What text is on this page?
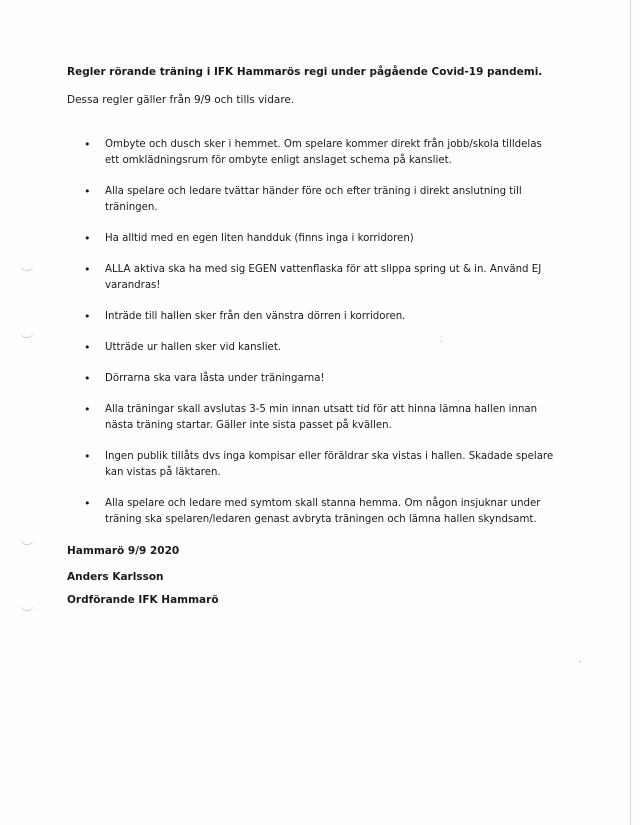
Regler rörande träning i IFK Hammarös regi under pågående Covid-19 pandemi.
Dessa regler gäller från 9/9 och tills vidare.
• Ombyte och dusch sker i hemmet. Om spelare kommer direkt från jobb/skola tilldelas ett omklädningsrum för ombyte enligt anslaget schema på kansliet.
• Alla spelare och ledare tvättar händer före och efter träning i direkt anslutning till träningen.
• Ha alltid med en egen liten handduk (finns inga i korridoren)
• ALLA aktiva ska ha med sig EGEN vattenflaska för att slippa spring ut & in. Använd EJ varandras!
• Inträde till hallen sker från den vänstra dörren i korridoren.
• Utträde ur hallen sker vid kansliet.
• Dörrarna ska vara låsta under träningarna!
• Alla träningar skall avslutas 3-5 min innan utsatt tid för att hinna lämna hallen innan nästa träning startar. Gäller inte sista passet på kvällen.
• Ingen publik tillåts dvs inga kompisar eller föräldrar ska vistas i hallen. Skadade spelare kan vistas på läktaren.
• Alla spelare och ledare med symtom skall stanna hemma. Om någon insjuknar under träning ska spelaren/ledaren genast avbryta träningen och lämna hallen skyndsamt.
Hammarö 9/9 2020
Anders Karlsson
Ordförande IFK Hammarö
